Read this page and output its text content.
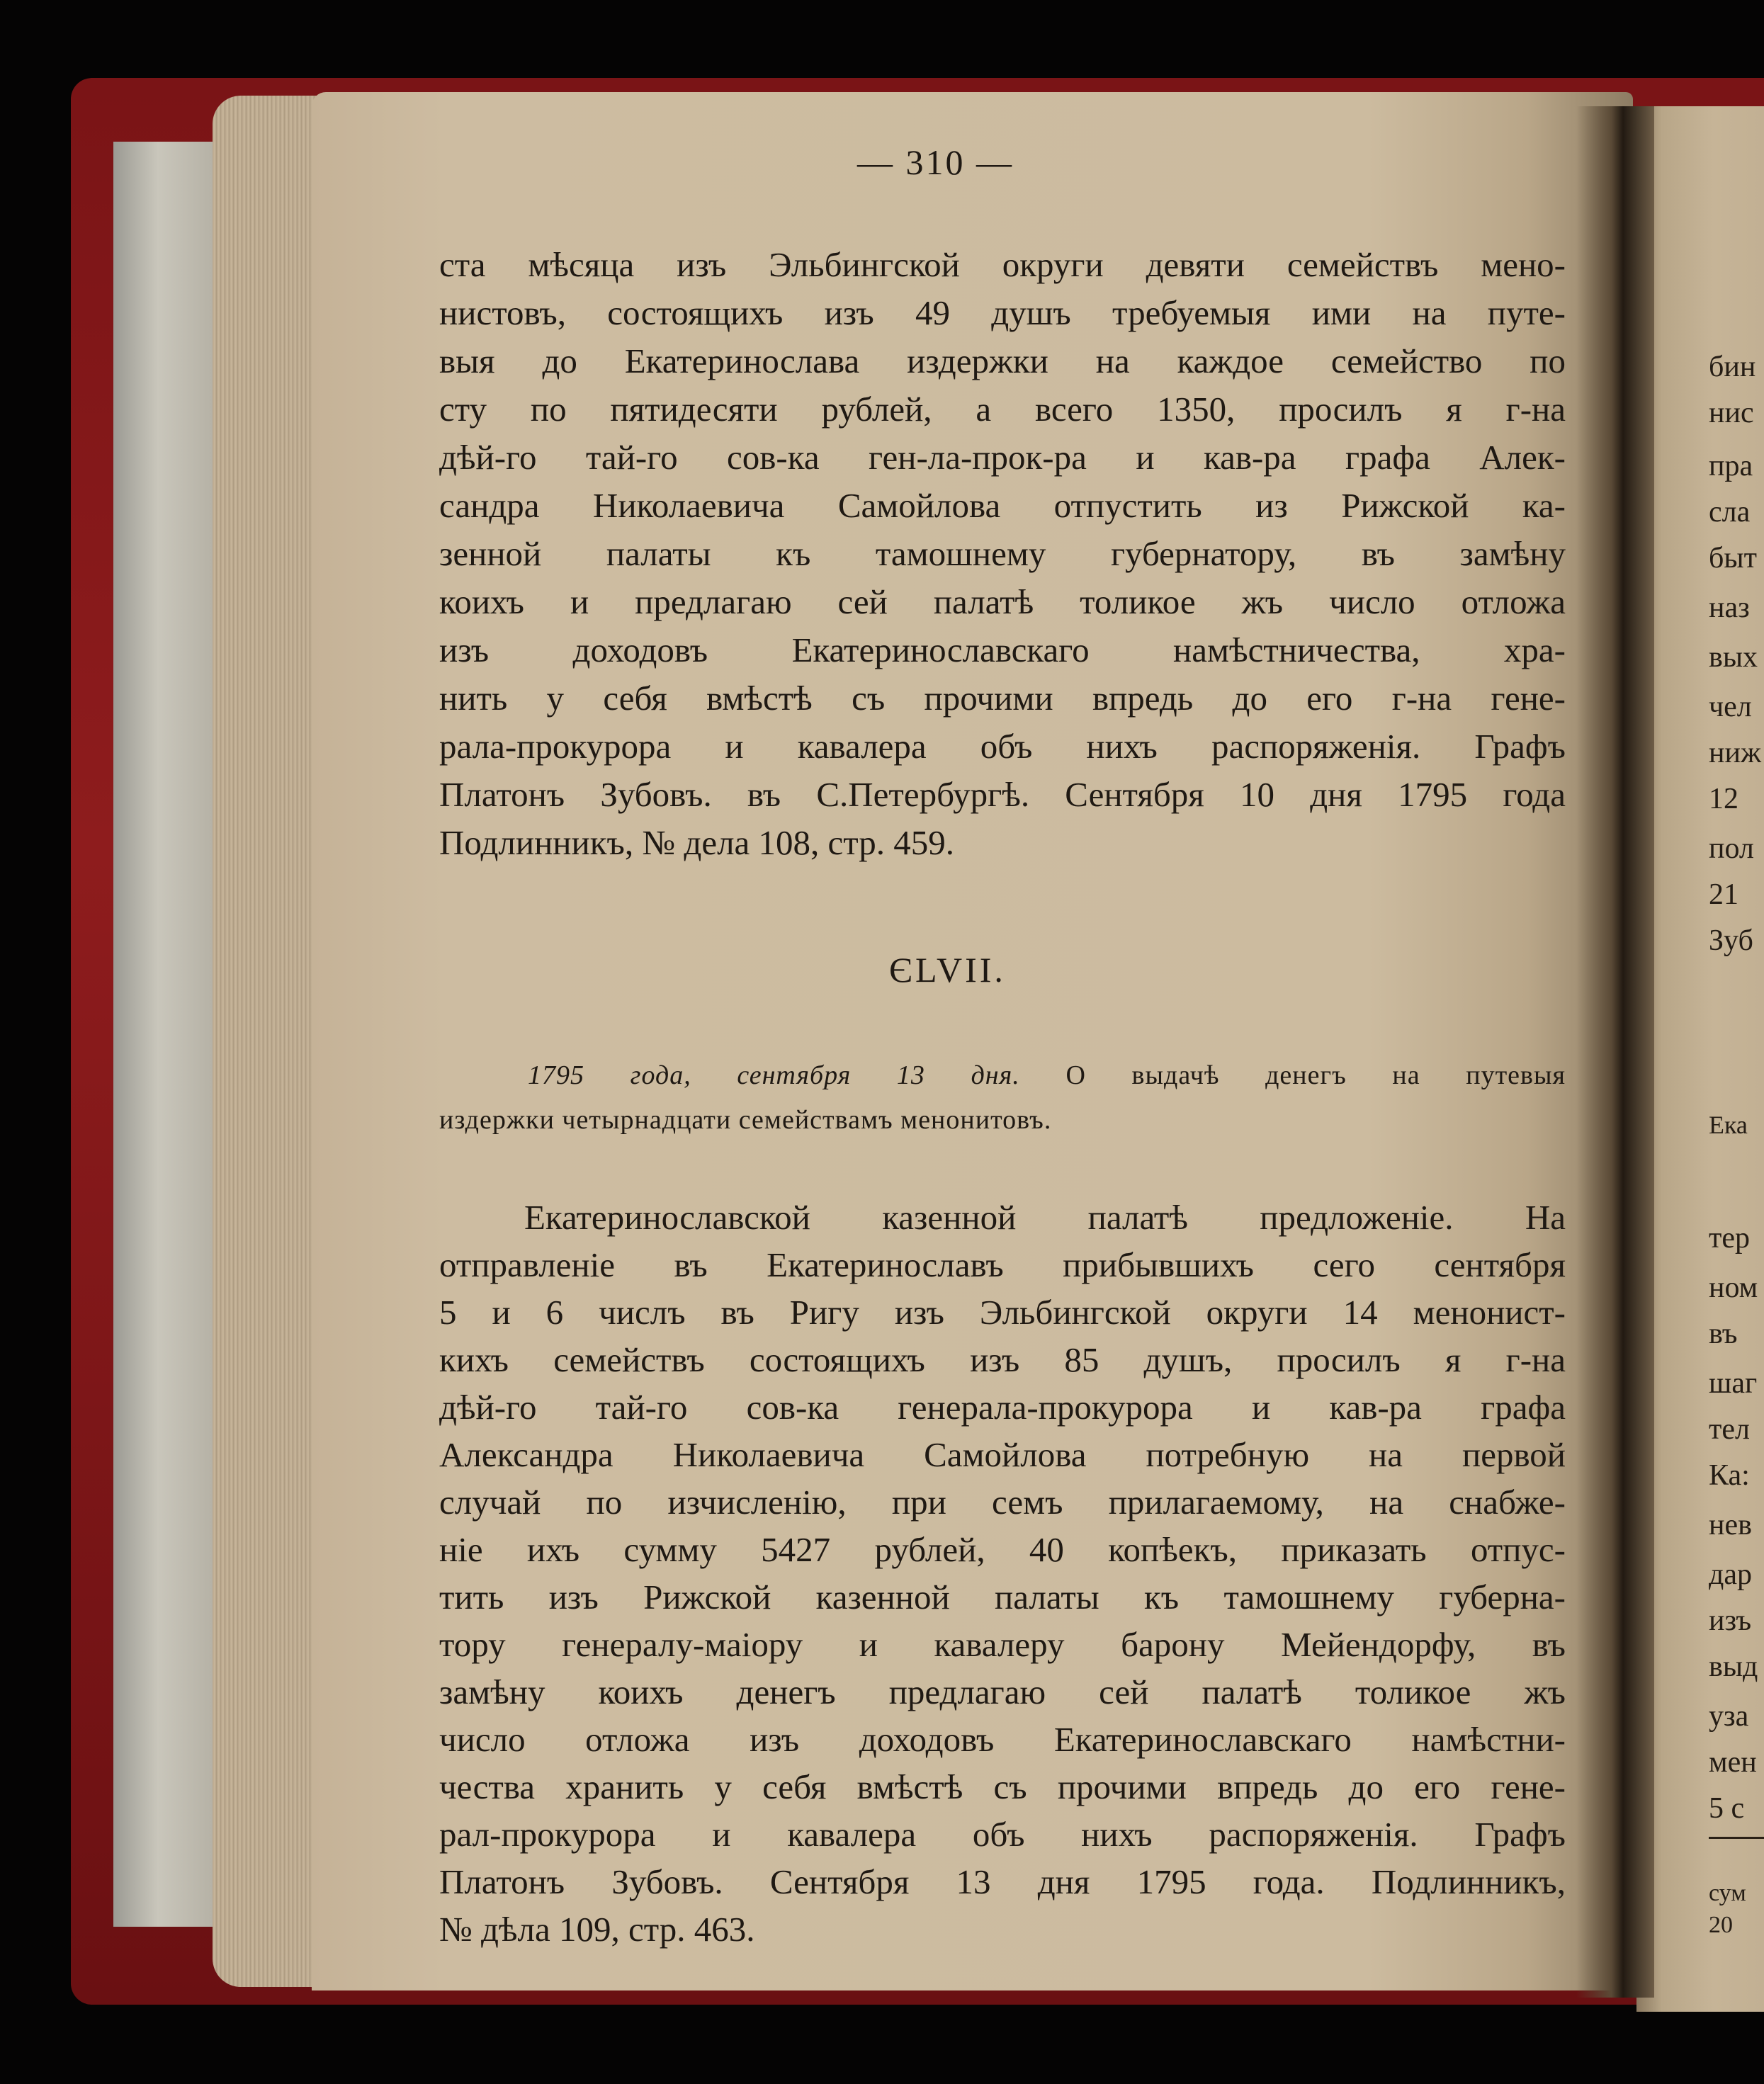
— 310 —
ста мѣсяца изъ Эльбингской округи девяти семействъ мено-
нистовъ, состоящихъ изъ 49 душъ требуемыя ими на путе-
выя до Екатеринослава издержки на каждое семейство по
сту по пятидесяти рублей, а всего 1350, просилъ я г-на
дѣй-го тай-го сов-ка ген-ла-прок-ра и кав-ра графа Алек-
сандра Николаевича Самойлова отпустить из Рижской ка-
зенной палаты къ тамошнему губернатору, въ замѣну
коихъ и предлагаю сей палатѣ толикое жъ число отложа
изъ доходовъ Екатеринославскаго намѣстничества, хра-
нить у себя вмѣстѣ съ прочими впредь до его г-на гене-
рала-прокурора и кавалера объ нихъ распоряженія. Графъ
Платонъ Зубовъ. въ С.Петербургѣ. Сентября 10 дня 1795 года
Подлинникъ, № дела 108, стр. 459.
ЄLVII.
1795 года, сентября 13 дня. О выдачѣ денегъ на путевыя
издержки четырнадцати семействамъ менонитовъ.
Екатеринославской казенной палатѣ предложеніе. На
отправленіе въ Екатеринославъ прибывшихъ сего сентября
5 и 6 числъ въ Ригу изъ Эльбингской округи 14 менонист-
кихъ семействъ состоящихъ изъ 85 душъ, просилъ я г-на
дѣй-го тай-го сов-ка генерала-прокурора и кав-ра графа
Александра Николаевича Самойлова потребную на первой
случай по изчисленію, при семъ прилагаемому, на снабже-
ніе ихъ сумму 5427 рублей, 40 копѣекъ, приказать отпус-
тить изъ Рижской казенной палаты къ тамошнему губерна-
тору генералу-маіору и кавалеру барону Мейендорфу, въ
замѣну коихъ денегъ предлагаю сей палатѣ толикое жъ
число отложа изъ доходовъ Екатеринославскаго намѣстни-
чества хранить у себя вмѣстѣ съ прочими впредь до его гене-
рал-прокурора и кавалера объ нихъ распоряженія. Графъ
Платонъ Зубовъ. Сентября 13 дня 1795 года. Подлинникъ,
№ дѣла 109, стр. 463.
бин
нис
пра
сла
быт
наз
вых
чел
ниж
12
пол
21
Зуб
Ека
тер
ном
въ
шаг
тел
Ка:
нев
дар
изъ
выд
уза
мен
5 с
сум
20
